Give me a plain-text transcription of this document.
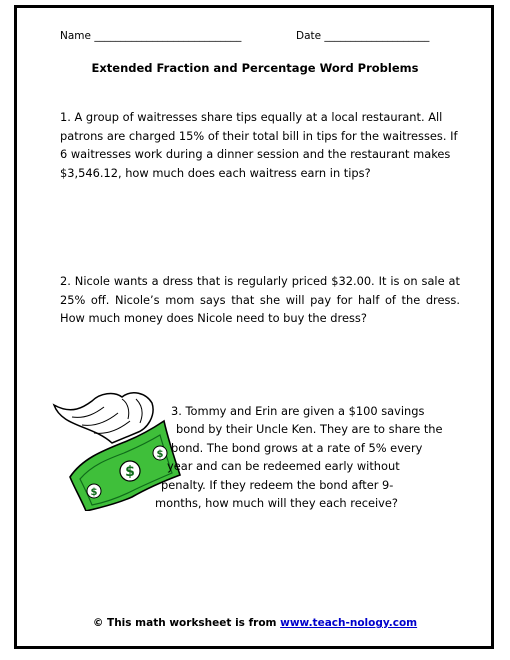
Name ____________________________	Date ____________________
Extended Fraction and Percentage Word Problems

1. A group of waitresses share tips equally at a local restaurant. All patrons are charged 15% of their total bill in tips for the waitresses. If 6 waitresses work during a dinner session and the restaurant makes $3,546.12, how much does each waitress earn in tips?

2. Nicole wants a dress that is regularly priced $32.00. It is on sale at 25% off. Nicole’s mom says that she will pay for half of the dress. How much money does Nicole need to buy the dress?

$
$
$
3. Tommy and Erin are given a $100 savings
bond by their Uncle Ken. They are to share the
bond. The bond grows at a rate of 5% every
year and can be redeemed early without
penalty. If they redeem the bond after 9-
months, how much will they each receive?
© This math worksheet is from www.teach-nology.com
